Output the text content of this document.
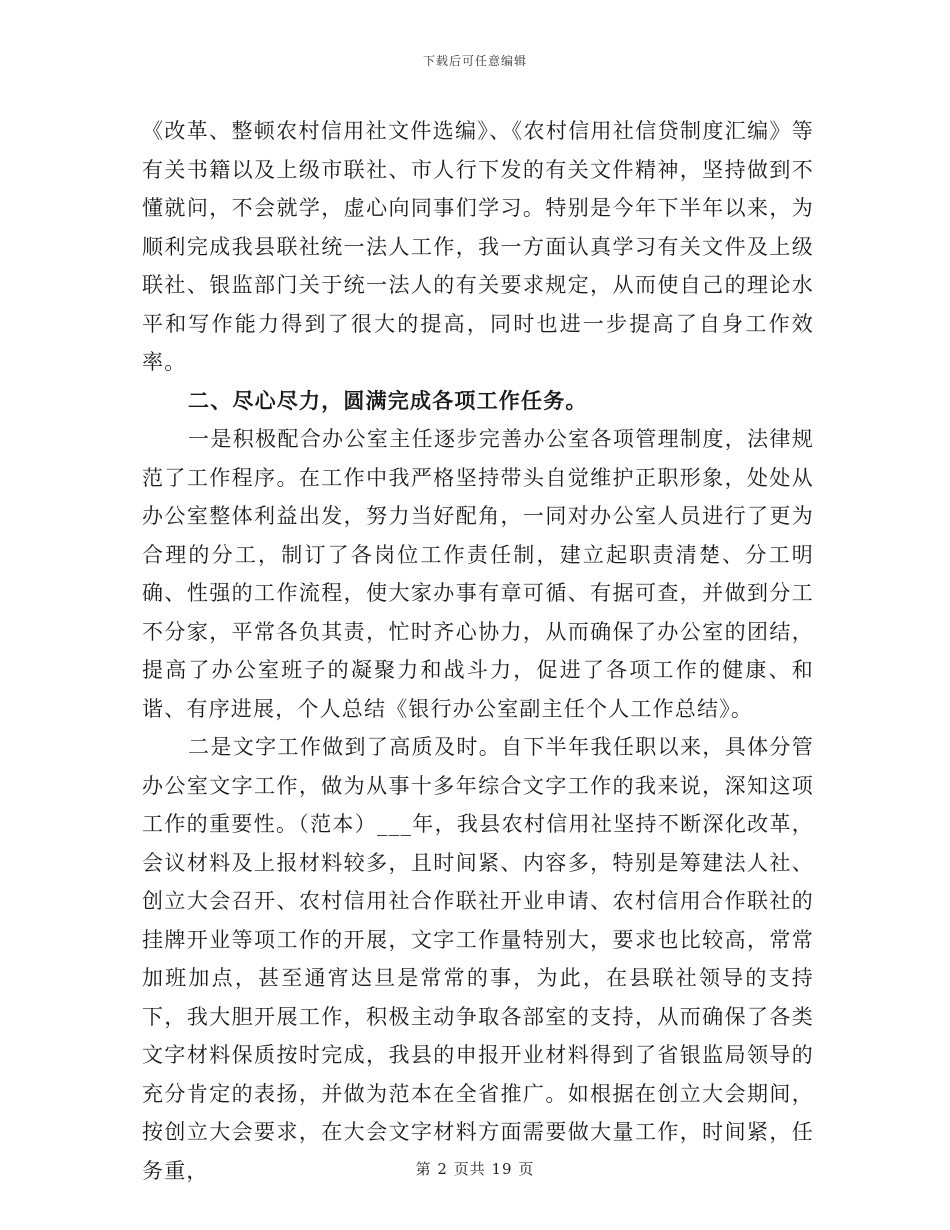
下载后可任意编辑

《改革、整顿农村信用社文件选编》、《农村信用社信贷制度汇编》等有关书籍以及上级市联社、市人行下发的有关文件精神，坚持做到不懂就问，不会就学，虚心向同事们学习。特别是今年下半年以来，为顺利完成我县联社统一法人工作，我一方面认真学习有关文件及上级联社、银监部门关于统一法人的有关要求规定，从而使自己的理论水平和写作能力得到了很大的提高，同时也进一步提高了自身工作效率。

二、尽心尽力，圆满完成各项工作任务。

一是积极配合办公室主任逐步完善办公室各项管理制度，法律规范了工作程序。在工作中我严格坚持带头自觉维护正职形象，处处从办公室整体利益出发，努力当好配角，一同对办公室人员进行了更为合理的分工，制订了各岗位工作责任制，建立起职责清楚、分工明确、性强的工作流程，使大家办事有章可循、有据可查，并做到分工不分家，平常各负其责，忙时齐心协力，从而确保了办公室的团结，提高了办公室班子的凝聚力和战斗力，促进了各项工作的健康、和谐、有序进展，个人总结《银行办公室副主任个人工作总结》。

二是文字工作做到了高质及时。自下半年我任职以来，具体分管办公室文字工作，做为从事十多年综合文字工作的我来说，深知这项工作的重要性。（范本）___年，我县农村信用社坚持不断深化改革，会议材料及上报材料较多，且时间紧、内容多，特别是筹建法人社、创立大会召开、农村信用社合作联社开业申请、农村信用合作联社的挂牌开业等项工作的开展，文字工作量特别大，要求也比较高，常常加班加点，甚至通宵达旦是常常的事，为此，在县联社领导的支持下，我大胆开展工作，积极主动争取各部室的支持，从而确保了各类文字材料保质按时完成，我县的申报开业材料得到了省银监局领导的充分肯定的表扬，并做为范本在全省推广。如根据在创立大会期间，按创立大会要求，在大会文字材料方面需要做大量工作，时间紧，任务重，	第 2 页共 19 页
